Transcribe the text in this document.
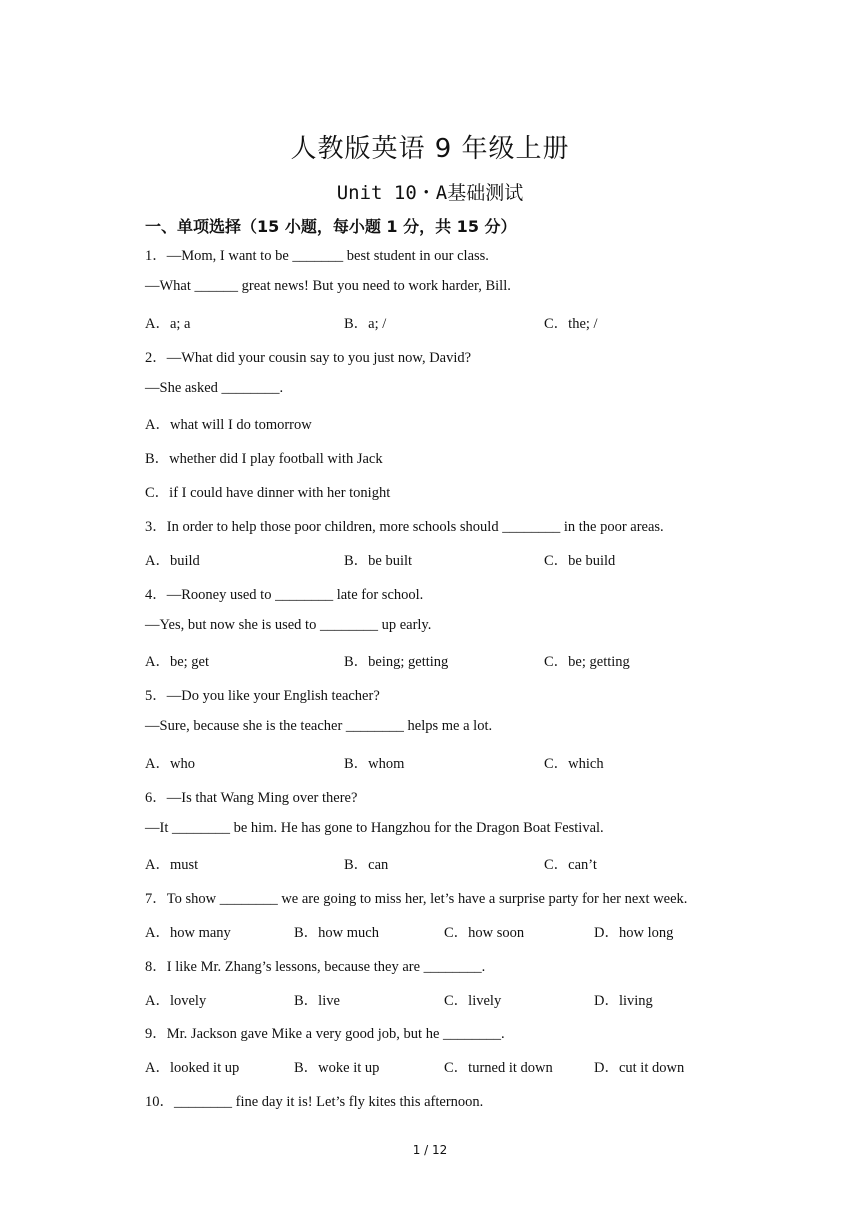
人教版英语 9 年级上册
Unit 10・A基础测试
一、单项选择（15 小题，每小题 1 分，共 15 分）
1．—Mom, I want to be _______ best student in our class.
—What ______ great news! But you need to work harder, Bill.
A．a; a	B．a; /	C．the; /
2．—What did your cousin say to you just now, David?
—She asked ________.
A．what will I do tomorrow
B．whether did I play football with Jack
C．if I could have dinner with her tonight
3．In order to help those poor children, more schools should ________ in the poor areas.
A．build	B．be built	C．be build
4．—Rooney used to ________ late for school.
—Yes, but now she is used to ________ up early.
A．be; get	B．being; getting	C．be; getting
5．—Do you like your English teacher?
—Sure, because she is the teacher ________ helps me a lot.
A．who	B．whom	C．which
6．—Is that Wang Ming over there?
—It ________ be him. He has gone to Hangzhou for the Dragon Boat Festival.
A．must	B．can	C．can’t
7．To show ________ we are going to miss her, let’s have a surprise party for her next week.
A．how many	B．how much	C．how soon	D．how long
8．I like Mr. Zhang’s lessons, because they are ________.
A．lovely	B．live	C．lively	D．living
9．Mr. Jackson gave Mike a very good job, but he ________.
A．looked it up	B．woke it up	C．turned it down	D．cut it down
10．________ fine day it is! Let’s fly kites this afternoon.
1 / 12
